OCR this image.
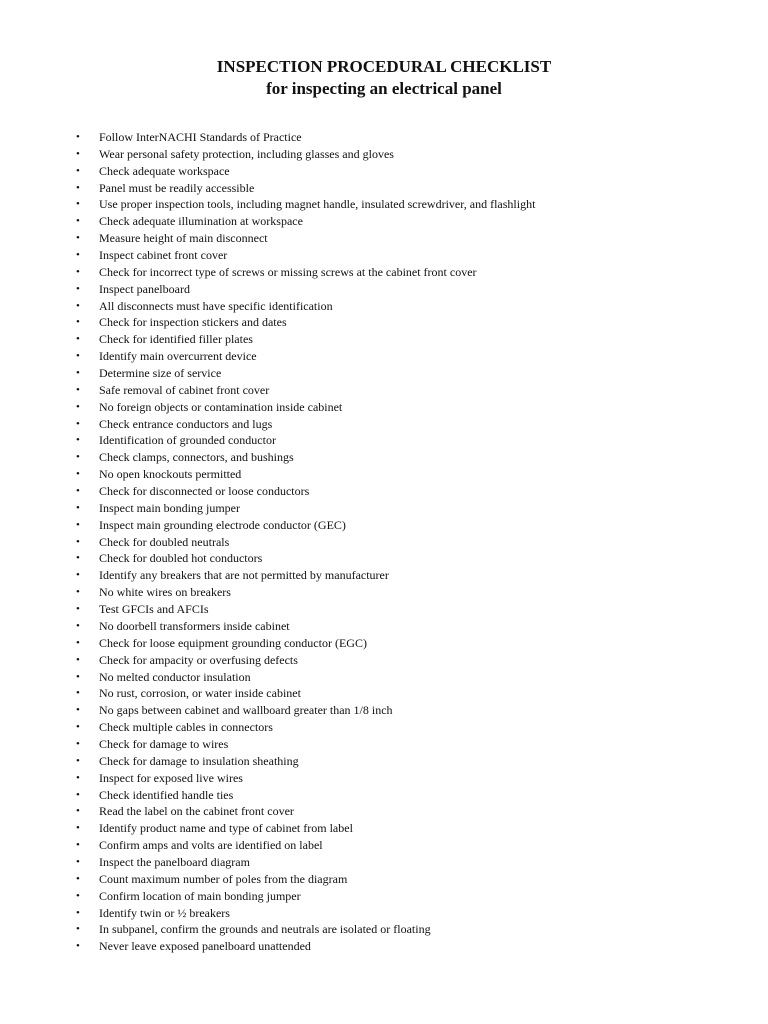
INSPECTION PROCEDURAL CHECKLIST
for inspecting an electrical panel
• Follow InterNACHI Standards of Practice
• Wear personal safety protection, including glasses and gloves
• Check adequate workspace
• Panel must be readily accessible
• Use proper inspection tools, including magnet handle, insulated screwdriver, and flashlight
• Check adequate illumination at workspace
• Measure height of main disconnect
• Inspect cabinet front cover
• Check for incorrect type of screws or missing screws at the cabinet front cover
• Inspect panelboard
• All disconnects must have specific identification
• Check for inspection stickers and dates
• Check for identified filler plates
• Identify main overcurrent device
• Determine size of service
• Safe removal of cabinet front cover
• No foreign objects or contamination inside cabinet
• Check entrance conductors and lugs
• Identification of grounded conductor
• Check clamps, connectors, and bushings
• No open knockouts permitted
• Check for disconnected or loose conductors
• Inspect main bonding jumper
• Inspect main grounding electrode conductor (GEC)
• Check for doubled neutrals
• Check for doubled hot conductors
• Identify any breakers that are not permitted by manufacturer
• No white wires on breakers
• Test GFCIs and AFCIs
• No doorbell transformers inside cabinet
• Check for loose equipment grounding conductor (EGC)
• Check for ampacity or overfusing defects
• No melted conductor insulation
• No rust, corrosion, or water inside cabinet
• No gaps between cabinet and wallboard greater than 1/8 inch
• Check multiple cables in connectors
• Check for damage to wires
• Check for damage to insulation sheathing
• Inspect for exposed live wires
• Check identified handle ties
• Read the label on the cabinet front cover
• Identify product name and type of cabinet from label
• Confirm amps and volts are identified on label
• Inspect the panelboard diagram
• Count maximum number of poles from the diagram
• Confirm location of main bonding jumper
• Identify twin or ½ breakers
• In subpanel, confirm the grounds and neutrals are isolated or floating
• Never leave exposed panelboard unattended
